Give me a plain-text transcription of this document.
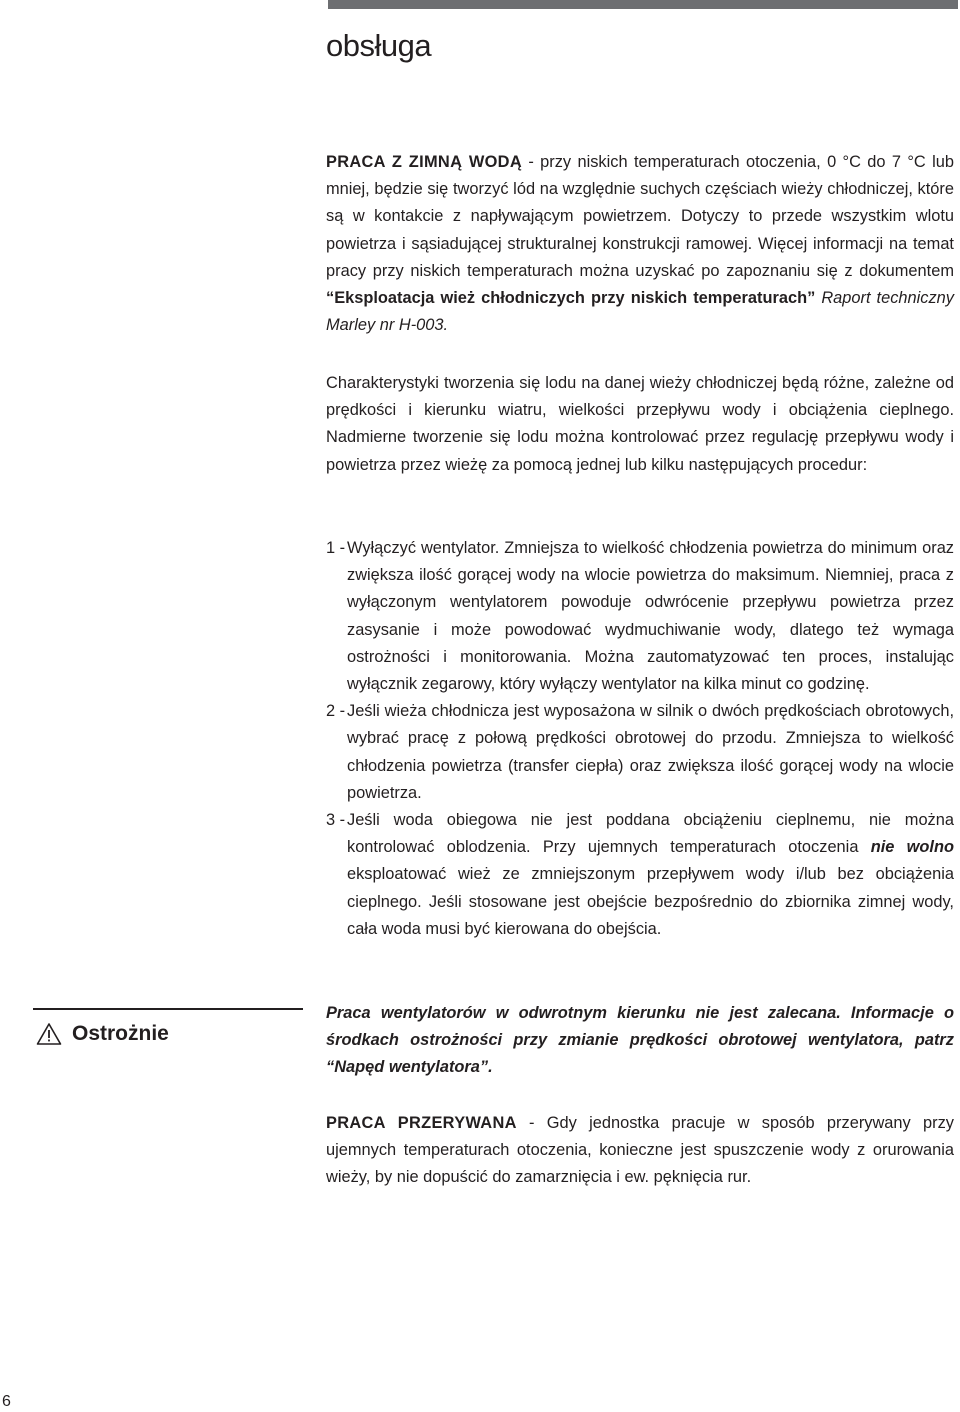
obsługa

PRACA Z ZIMNĄ WODĄ - przy niskich temperaturach otoczenia, 0 °C do 7 °C lub mniej, będzie się tworzyć lód na względnie suchych częściach wieży chłodniczej, które są w kontakcie z napływającym powietrzem. Dotyczy to przede wszystkim wlotu powietrza i sąsiadującej strukturalnej konstrukcji ramowej. Więcej informacji na temat pracy przy niskich temperaturach można uzyskać po zapoznaniu się z dokumentem “Eksploatacja wież chłodniczych przy niskich temperaturach” Raport techniczny Marley nr H-003.

Charakterystyki tworzenia się lodu na danej wieży chłodniczej będą różne, zależne od prędkości i kierunku wiatru, wielkości przepływu wody i obciążenia cieplnego. Nadmierne tworzenie się lodu można kontrolować przez regulację przepływu wody i powietrza przez wieżę za pomocą jednej lub kilku następujących procedur:

1 - Wyłączyć wentylator. Zmniejsza to wielkość chłodzenia powietrza do minimum oraz zwiększa ilość gorącej wody na wlocie powietrza do maksimum. Niemniej, praca z wyłączonym wentylatorem powoduje odwrócenie przepływu powietrza przez zasysanie i może powodować wydmuchiwanie wody, dlatego też wymaga ostrożności i monitorowania. Można zautomatyzować ten proces, instalując wyłącznik zegarowy, który wyłączy wentylator na kilka minut co godzinę.

2 - Jeśli wieża chłodnicza jest wyposażona w silnik o dwóch prędkościach obrotowych, wybrać pracę z połową prędkości obrotowej do przodu. Zmniejsza to wielkość chłodzenia powietrza (transfer ciepła) oraz zwiększa ilość gorącej wody na wlocie powietrza.

3 - Jeśli woda obiegowa nie jest poddana obciążeniu cieplnemu, nie można kontrolować oblodzenia. Przy ujemnych temperaturach otoczenia nie wolno eksploatować wież ze zmniejszonym przepływem wody i/lub bez obciążenia cieplnego. Jeśli stosowane jest obejście bezpośrednio do zbiornika zimnej wody, cała woda musi być kierowana do obejścia.

Ostrożnie

Praca wentylatorów w odwrotnym kierunku nie jest zalecana. Informacje o środkach ostrożności przy zmianie prędkości obrotowej wentylatora, patrz “Napęd wentylatora”.

PRACA PRZERYWANA - Gdy jednostka pracuje w sposób przerywany przy ujemnych temperaturach otoczenia, konieczne jest spuszczenie wody z orurowania wieży, by nie dopuścić do zamarznięcia i ew. pęknięcia rur.

6
